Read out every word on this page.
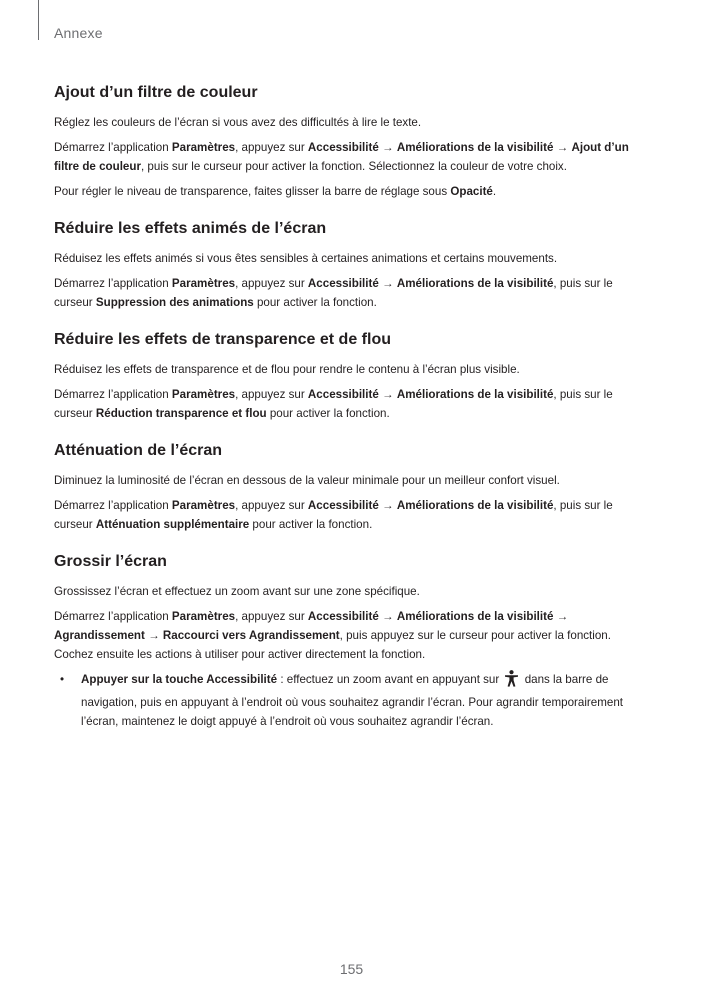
Annexe
Ajout d’un filtre de couleur

Réglez les couleurs de l’écran si vous avez des difficultés à lire le texte.

Démarrez l’application Paramètres, appuyez sur Accessibilité → Améliorations de la visibilité → Ajout d’un filtre de couleur, puis sur le curseur pour activer la fonction. Sélectionnez la couleur de votre choix.

Pour régler le niveau de transparence, faites glisser la barre de réglage sous Opacité.

Réduire les effets animés de l’écran

Réduisez les effets animés si vous êtes sensibles à certaines animations et certains mouvements.

Démarrez l’application Paramètres, appuyez sur Accessibilité → Améliorations de la visibilité, puis sur le curseur Suppression des animations pour activer la fonction.

Réduire les effets de transparence et de flou

Réduisez les effets de transparence et de flou pour rendre le contenu à l’écran plus visible.

Démarrez l’application Paramètres, appuyez sur Accessibilité → Améliorations de la visibilité, puis sur le curseur Réduction transparence et flou pour activer la fonction.

Atténuation de l’écran

Diminuez la luminosité de l’écran en dessous de la valeur minimale pour un meilleur confort visuel.

Démarrez l’application Paramètres, appuyez sur Accessibilité → Améliorations de la visibilité, puis sur le curseur Atténuation supplémentaire pour activer la fonction.

Grossir l’écran

Grossissez l’écran et effectuez un zoom avant sur une zone spécifique.

Démarrez l’application Paramètres, appuyez sur Accessibilité → Améliorations de la visibilité → Agrandissement → Raccourci vers Agrandissement, puis appuyez sur le curseur pour activer la fonction. Cochez ensuite les actions à utiliser pour activer directement la fonction.

• Appuyer sur la touche Accessibilité : effectuez un zoom avant en appuyant sur  dans la barre de navigation, puis en appuyant à l’endroit où vous souhaitez agrandir l’écran. Pour agrandir temporairement l’écran, maintenez le doigt appuyé à l’endroit où vous souhaitez agrandir l’écran.
155
